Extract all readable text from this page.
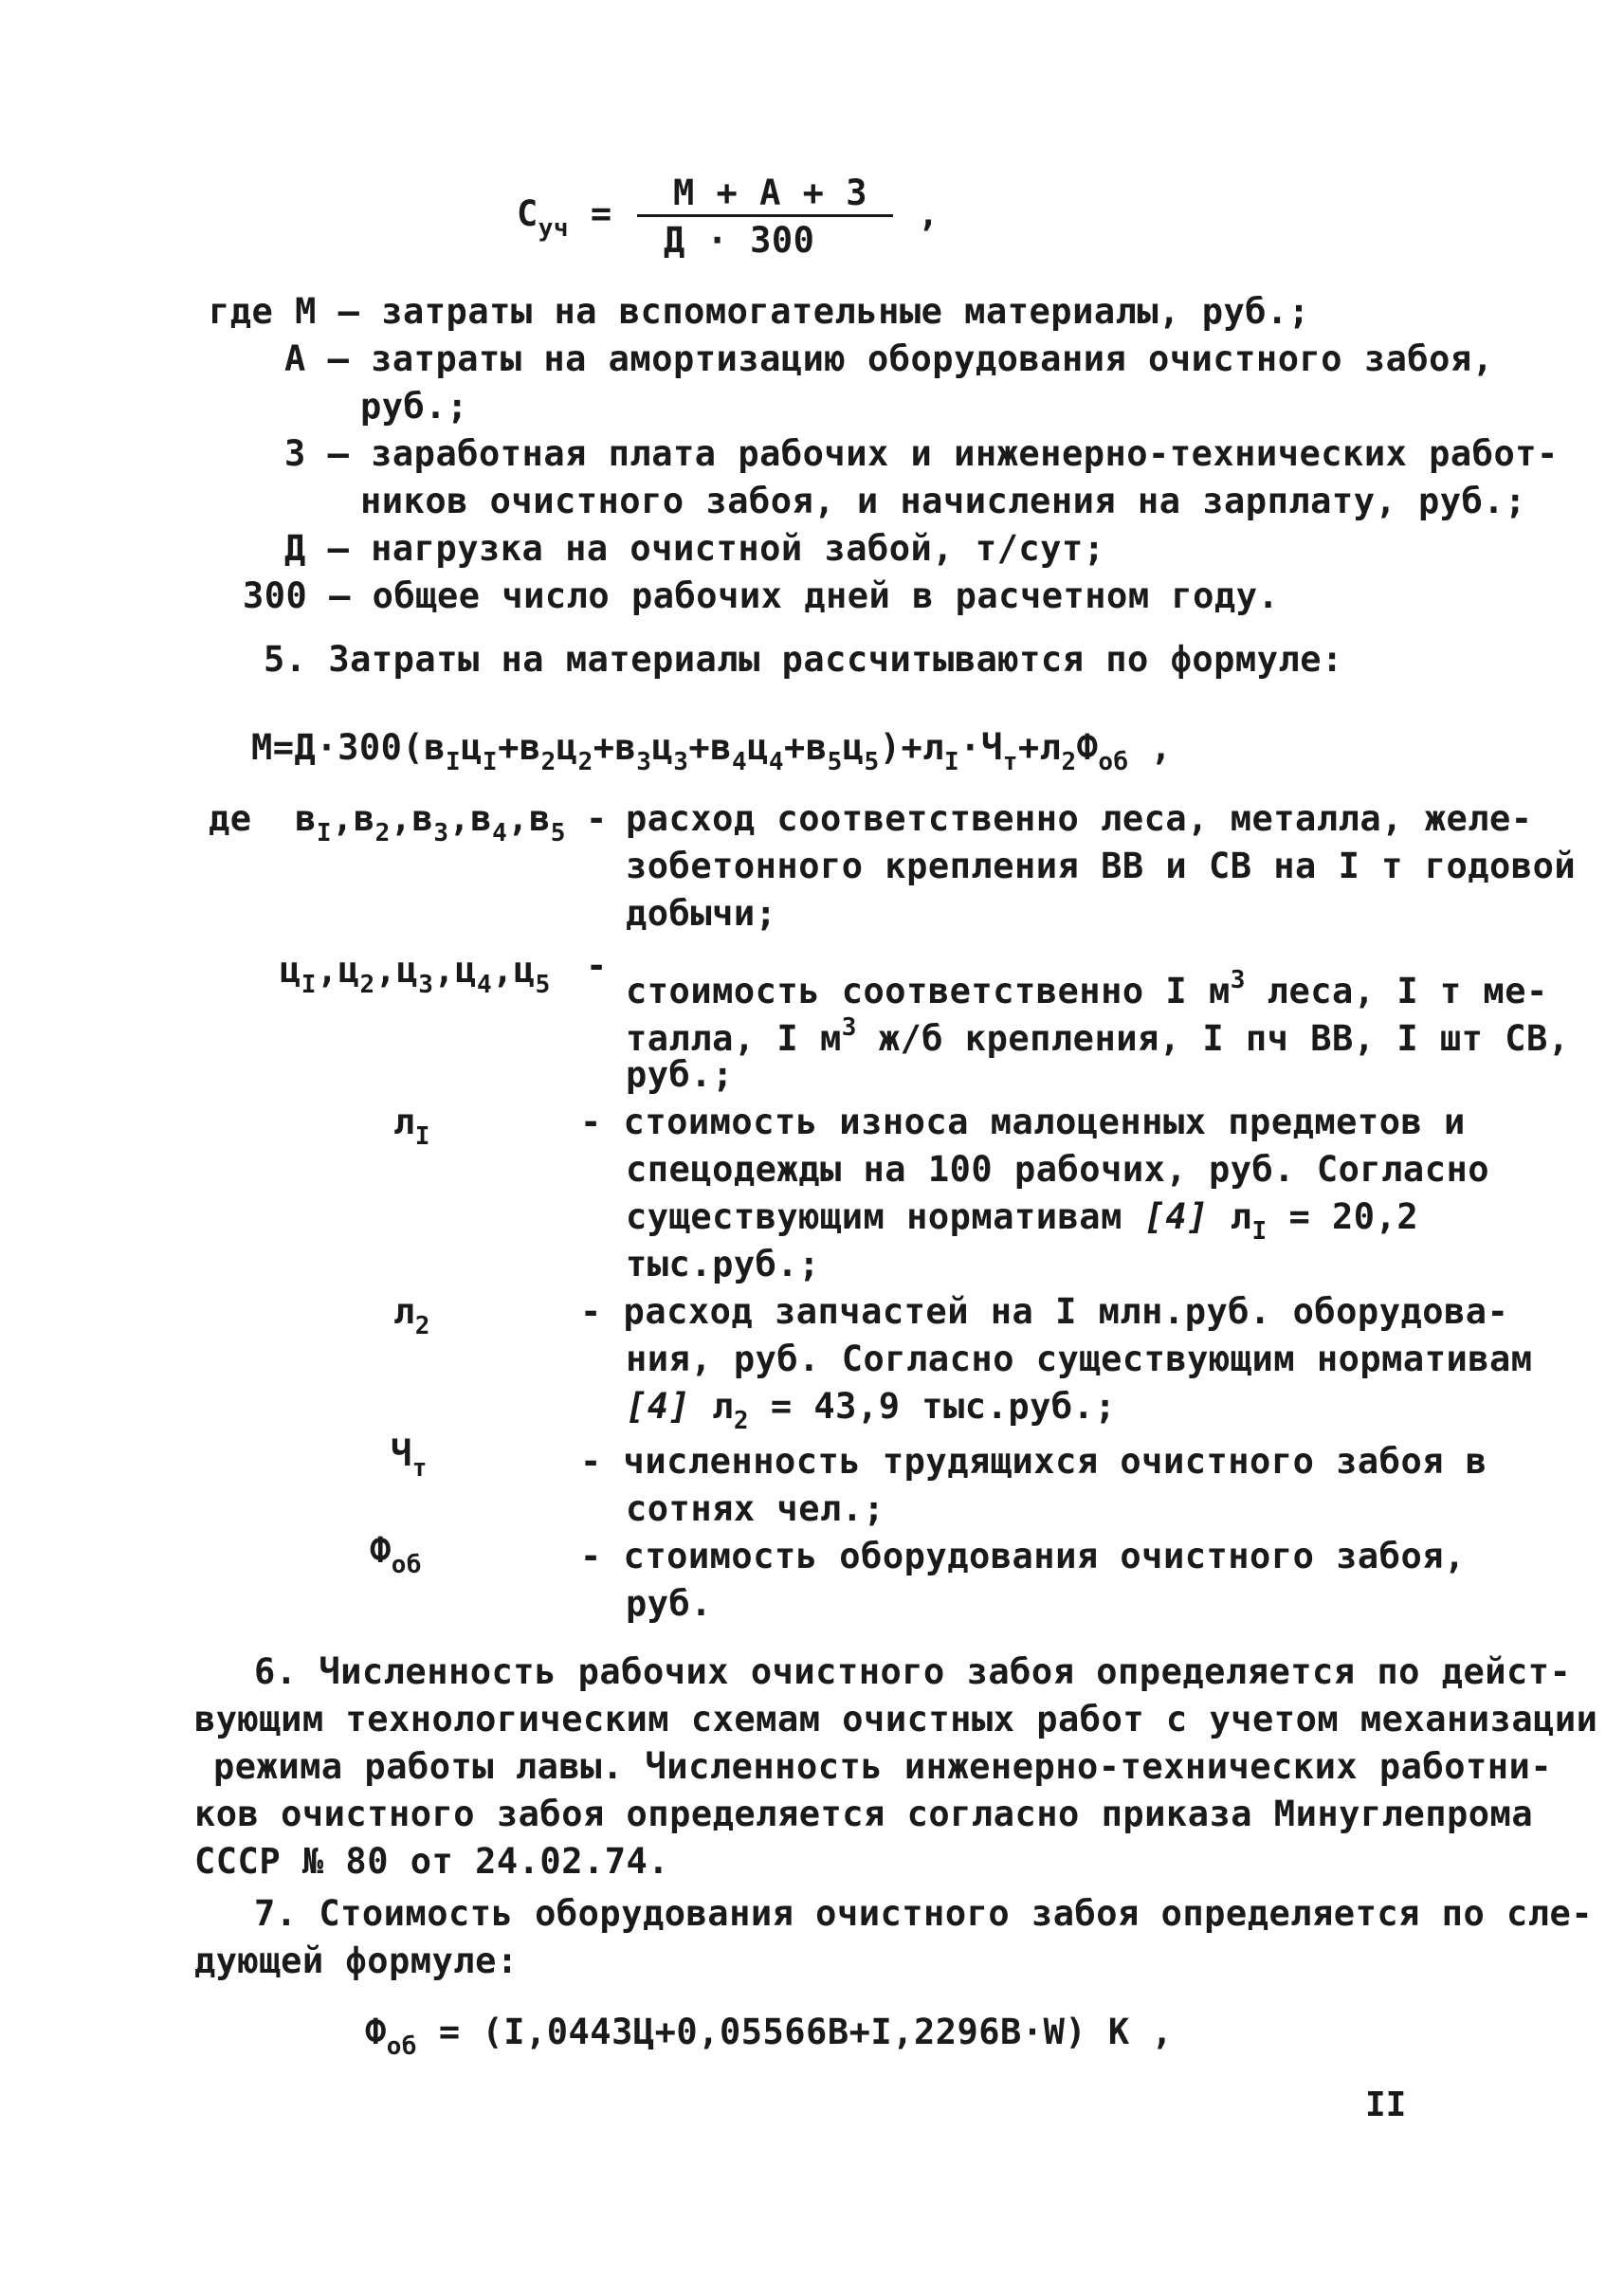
$С_{уч}$ =
М + А + З
Д · 300
,
где М – затраты на вспомогательные материалы, руб.;
А – затраты на амортизацию оборудования очистного забоя,
руб.;
З – заработная плата рабочих и инженерно-технических работ-
ников очистного забоя, и начисления на зарплату, руб.;
Д – нагрузка на очистной забой, т/сут;
300 – общее число рабочих дней в расчетном году.
5. Затраты на материалы рассчитываются по формуле:
$М=Д\cdot 300(в_Iц_I+в_2ц_2+в_3ц_3+в_4ц_4+в_5ц_5)+л_I\cdot Ч_т+л_2Ф_{об}$ ,
де $в_I,в_2,в_3,в_4,в_5$ - расход соответственно леса, металла, желе-
зобетонного крепления ВВ и СВ на I т годовой
добычи;
$ц_I,ц_2,ц_3,ц_4,ц_5$ -
стоимость соответственно I $м^3$ леса, I т ме-
талла, I $м^3$ ж/б крепления, I пч ВВ, I шт СВ,
руб.;
$л_I$	- стоимость износа малоценных предметов и
спецодежды на 100 рабочих, руб. Согласно
существующим нормативам [4] $л_I = 20,2$
тыс.руб.;
$л_2$	- расход запчастей на I млн.руб. оборудова-
ния, руб. Согласно существующим нормативам
[4] $л_2 = 43,9$ тыс.руб.;
$Ч_т$	- численность трудящихся очистного забоя в
сотнях чел.;
$Ф_{об}$	- стоимость оборудования очистного забоя,
руб.
6. Численность рабочих очистного забоя определяется по дейст-
вующим технологическим схемам очистных работ с учетом механизации
режима работы лавы. Численность инженерно-технических работни-
ков очистного забоя определяется согласно приказа Минуглепрома
СССР № 80 от 24.02.74.
7. Стоимость оборудования очистного забоя определяется по сле-
дующей формуле:
$Ф_{об} = (I,0443Ц+0,05566В+I,2296В\cdot W)$ К ,
II
